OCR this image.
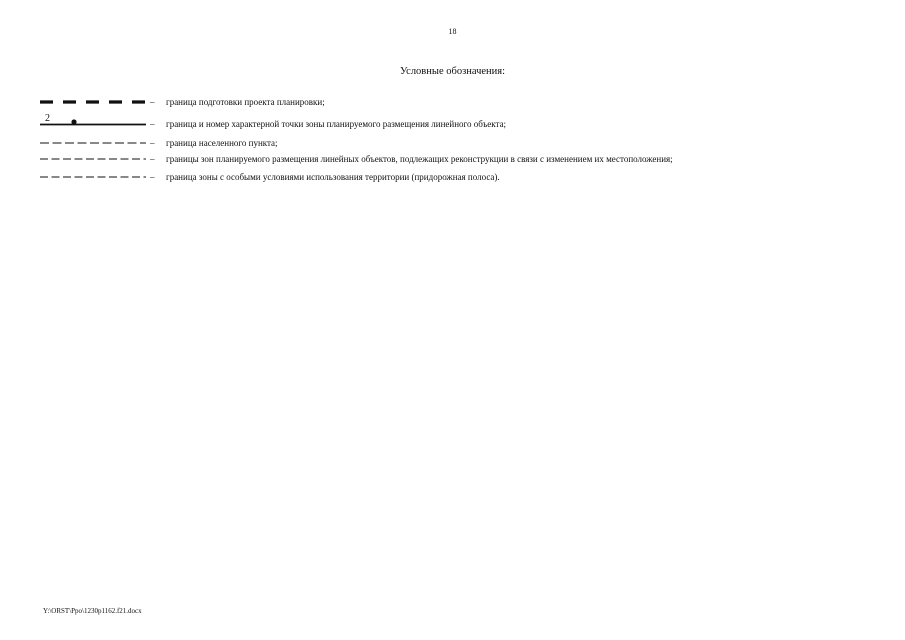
18
Условные обозначения:
– граница подготовки проекта планировки;
2	– граница и номер характерной точки зоны планируемого размещения линейного объекта;
– граница населенного пункта;
– границы зон планируемого размещения линейных объектов, подлежащих реконструкции в связи с изменением их местоположения;
– граница зоны с особыми условиями использования территории (придорожная полоса).
Y:\ORST\Ppo\1230p1162.f21.docx
